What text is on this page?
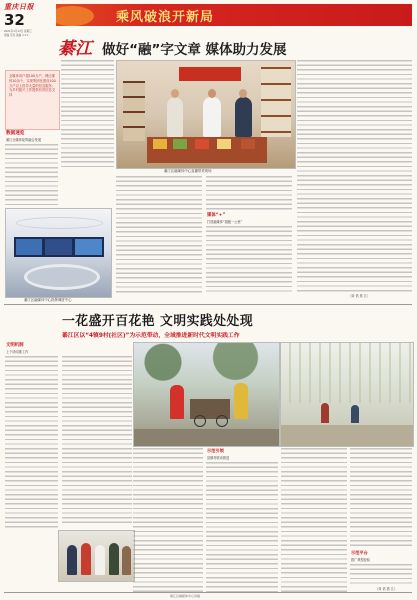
重庆日报
32
2021年1月13日 星期三
责编 范灵 美编 ×××
乘风破浪开新局
綦江 做好“融”字文章 媒体助力发展
全媒体用户超100万户，网红媒体10余个，实现集团化建设100万户以上指导大量的信息服务；为乡村振兴工作提供有效信息支持
数据速览
綦江全媒体矩阵融合发展
綦江区融媒体中心指挥调度中心
綦江区融媒体中心直播带货现场
媒体“+”
打造融媒体“超级一公里”
（刘 恬 燕 江）
一花盛开百花艳 文明实践处处现
綦江区以“4镇9村(社区)”为示范带动，全域推进新时代文明实践工作
文明机制
上下协同推工作
示范引领
县镇村联动推进
示范平台
推广典型经验
（刘 恬 燕 江）
綦江区融媒体中心供稿
